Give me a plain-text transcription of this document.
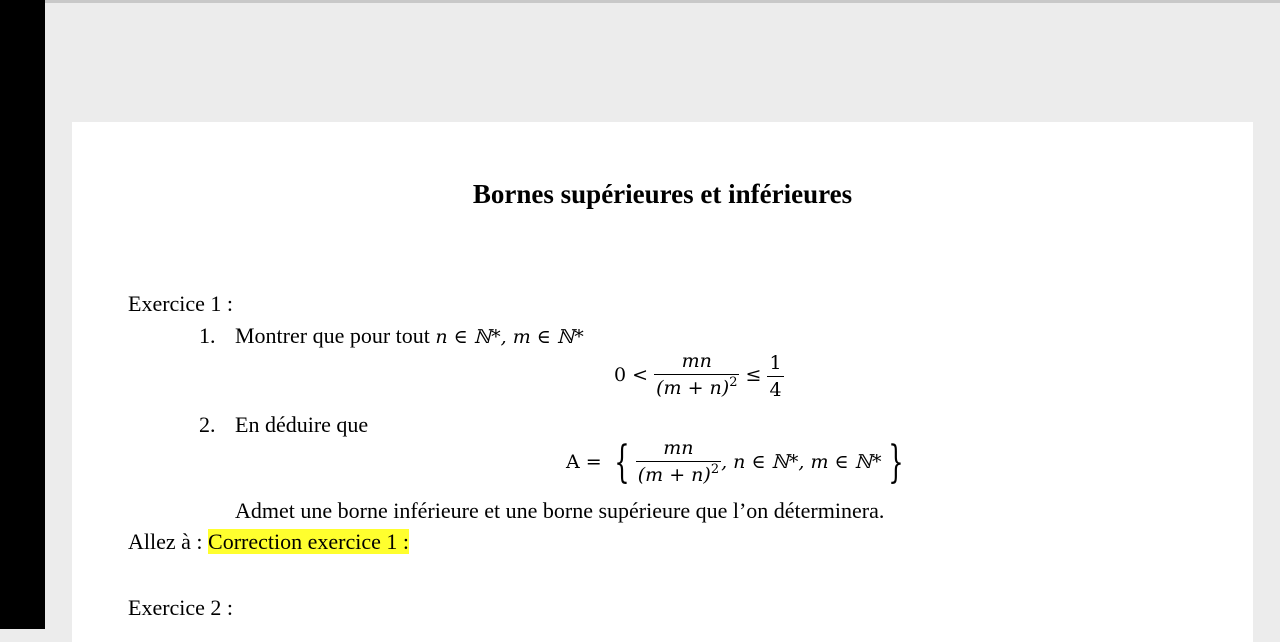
Bornes supérieures et inférieures
Exercice 1 :
1. Montrer que pour tout n ∈ ℕ*, m ∈ ℕ*
$0 < \frac{mn}{(m + n)^2} \le \frac{1}{4}$
2. En déduire que
A = { $\frac{mn}{(m + n)^2}$ , n ∈ ℕ*, m ∈ ℕ* }
Admet une borne inférieure et une borne supérieure que l’on déterminera.
Allez à : Correction exercice 1 :
Exercice 2 :
